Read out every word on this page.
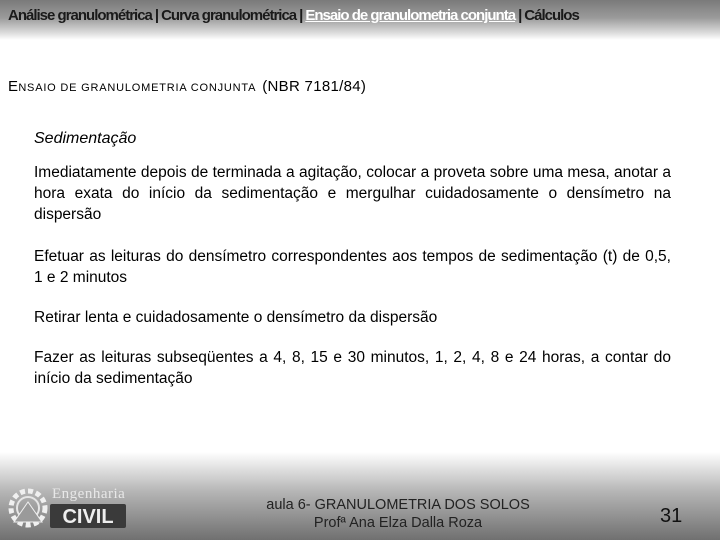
Análise granulométrica | Curva granulométrica | Ensaio de granulometria conjunta | Cálculos
ENSAIO DE GRANULOMETRIA CONJUNTA (NBR 7181/84)
Sedimentação
Imediatamente depois de terminada a agitação, colocar a proveta sobre uma mesa, anotar a hora exata do início da sedimentação e mergulhar cuidadosamente o densímetro na dispersão
Efetuar as leituras do densímetro correspondentes aos tempos de sedimentação (t) de 0,5, 1 e 2 minutos
Retirar lenta e cuidadosamente o densímetro da dispersão
Fazer as leituras subseqüentes a 4, 8, 15 e 30 minutos, 1, 2, 4, 8 e 24 horas, a contar do início da sedimentação
CIVIL
Engenharia
aula 6- GRANULOMETRIA DOS SOLOS
Profª Ana Elza Dalla Roza	31
